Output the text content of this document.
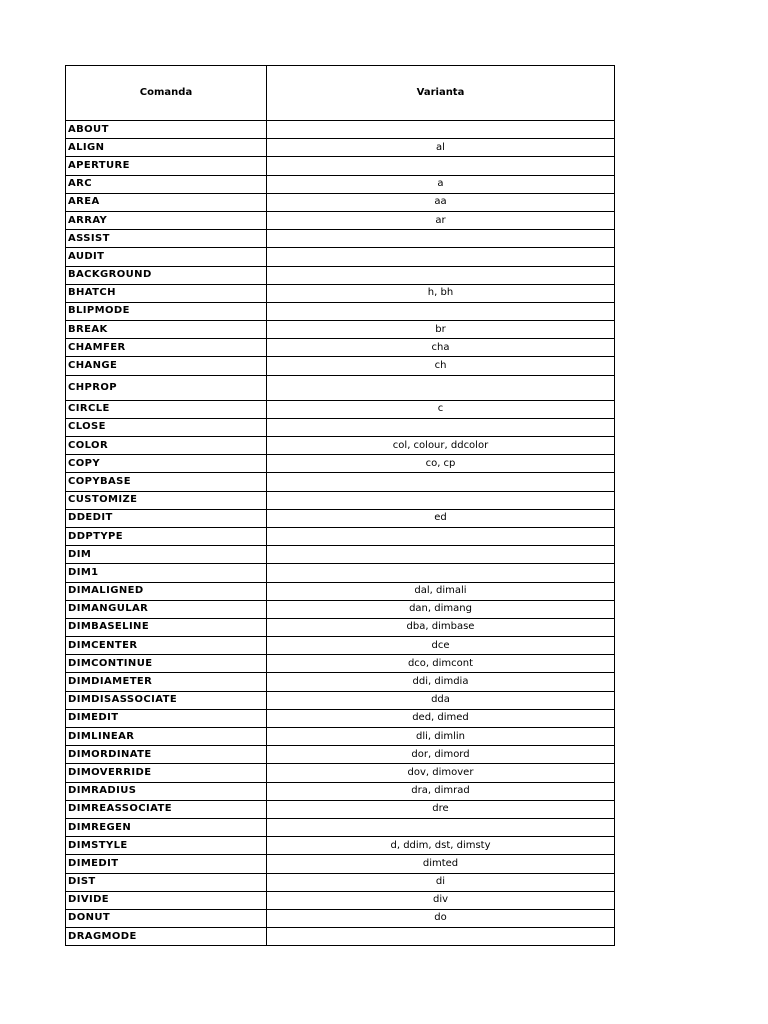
Comanda	Varianta
ABOUT	
ALIGN	al
APERTURE	
ARC	a
AREA	aa
ARRAY	ar
ASSIST	
AUDIT	
BACKGROUND	
BHATCH	h, bh
BLIPMODE	
BREAK	br
CHAMFER	cha
CHANGE	ch
CHPROP	
CIRCLE	c
CLOSE	
COLOR	col, colour, ddcolor
COPY	co, cp
COPYBASE	
CUSTOMIZE	
DDEDIT	ed
DDPTYPE	
DIM	
DIM1	
DIMALIGNED	dal, dimali
DIMANGULAR	dan, dimang
DIMBASELINE	dba, dimbase
DIMCENTER	dce
DIMCONTINUE	dco, dimcont
DIMDIAMETER	ddi, dimdia
DIMDISASSOCIATE	dda
DIMEDIT	ded, dimed
DIMLINEAR	dli, dimlin
DIMORDINATE	dor, dimord
DIMOVERRIDE	dov, dimover
DIMRADIUS	dra, dimrad
DIMREASSOCIATE	dre
DIMREGEN	
DIMSTYLE	d, ddim, dst, dimsty
DIMEDIT	dimted
DIST	di
DIVIDE	div
DONUT	do
DRAGMODE	
